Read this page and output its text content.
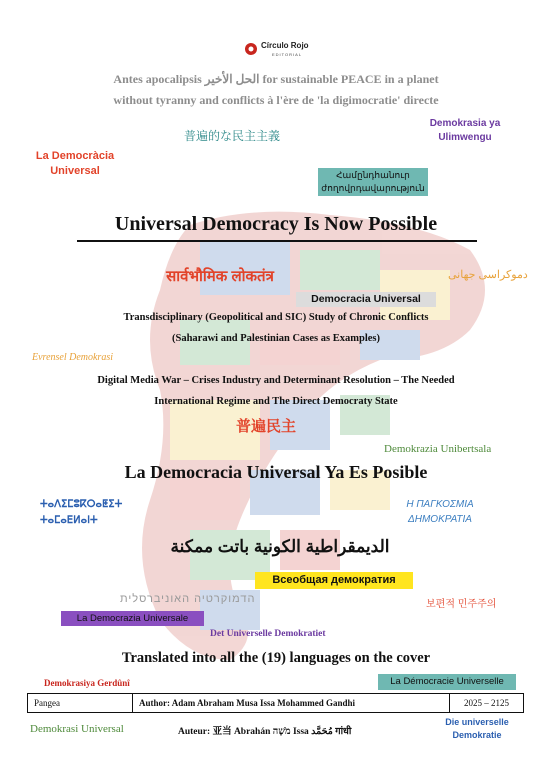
Círculo Rojo
EDITORIAL
Antes apocalipsis الحل الأخير for sustainable PEACE in a planet
without tyranny and conflicts à l'ère de 'la digimocratie' directe
普遍的な民主主義
Demokrasia ya
Ulimwengu
La Democràcia
Universal	Համընդհանուր
ժողովրդավարություն
Universal Democracy Is Now Possible
सार्वभौमिक लोकतंत्र	دموکراسی جهانی
Democracia Universal
Transdisciplinary (Geopolitical and SIC) Study of Chronic Conflicts
(Saharawi and Palestinian Cases as Examples)
Evrensel Demokrasi
Digital Media War – Crises Industry and Determinant Resolution – The Needed
International Regime and The Direct Democraty State
普遍民主
Demokrazia Unibertsala
La Democracia Universal Ya Es Posible
ⵜⴰⴷⵉⵎⵓⴽⵔⴰⵟⵉⵜ
ⵜⴰⵎⴰⴹⵍⴰⵏⵜ
Η ΠΑΓΚΟΣΜΙΑ
ΔΗΜΟΚΡΑΤΙΑ
الديمقراطية الكونية باتت ممكنة
Всеобщая демократия
הדמוקרטיה האוניברסלית	보편적 민주주의
La Democrazia Universale
Det Universelle Demokratiet
Translated into all the (19) languages on the cover
Demokrasiya Gerdûnî	La Démocracie Universelle
Pangea	Author: Adam Abraham Musa Issa Mohammed Gandhi	2025 – 2125
Demokrasi Universal	Auteur: 亚当 Abrahán מֹשֶׁה Issa مُحَمَّد गांधी
Die universelle
Demokratie
